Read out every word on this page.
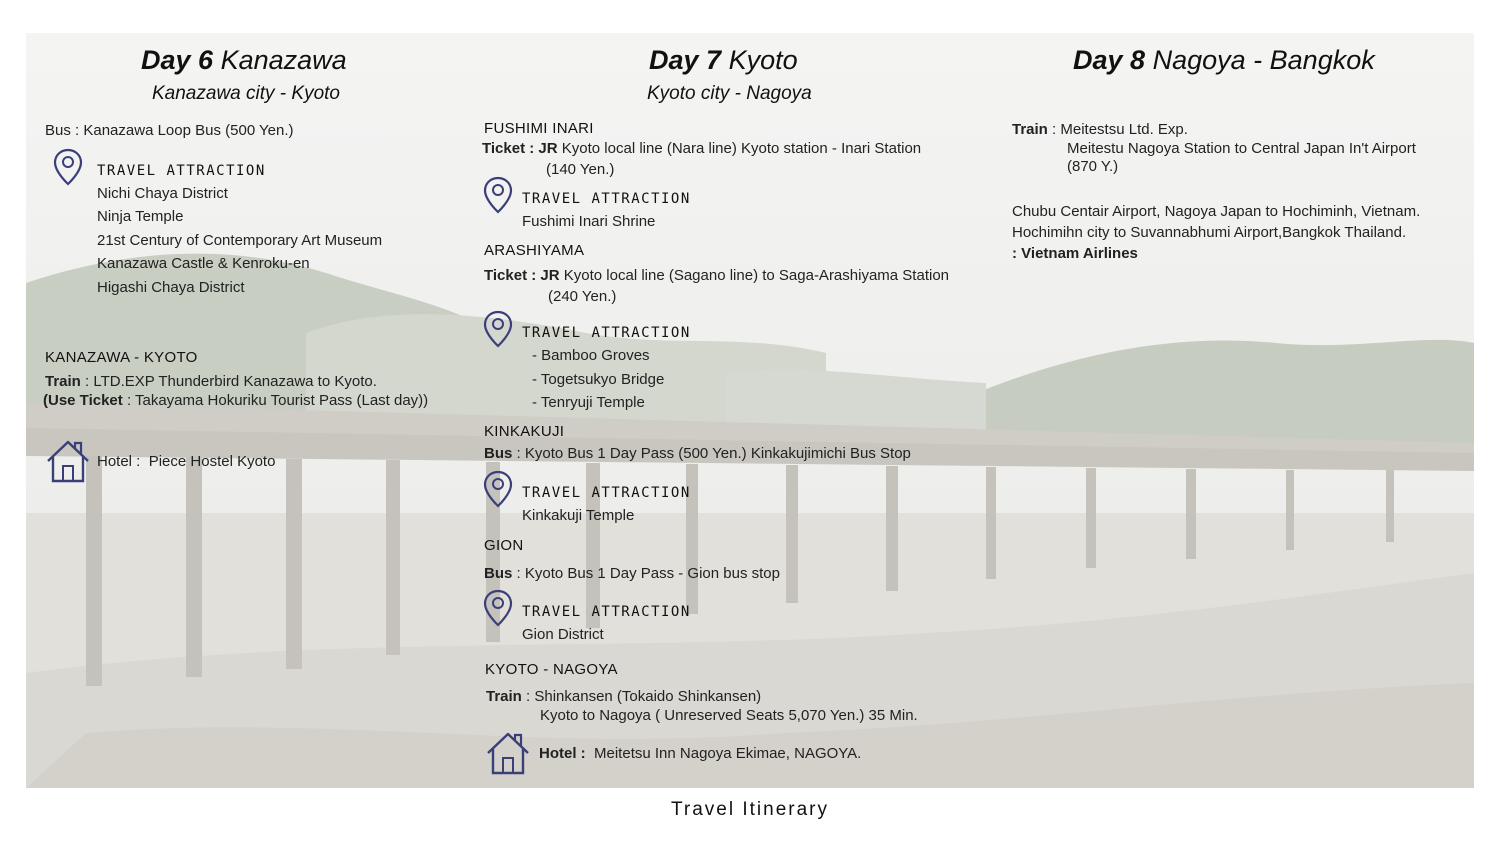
Day 6 Kanazawa
Kanazawa city - Kyoto
Bus : Kanazawa Loop Bus (500 Yen.)
TRAVEL ATTRACTION
Nichi Chaya District
Ninja Temple
21st Century of Contemporary Art Museum
Kanazawa Castle & Kenroku-en
Higashi Chaya District
KANAZAWA - KYOTO
Train : LTD.EXP Thunderbird Kanazawa to Kyoto.
(Use Ticket : Takayama Hokuriku Tourist Pass (Last day))
Hotel : Piece Hostel Kyoto
Day 7 Kyoto
Kyoto city - Nagoya
FUSHIMI INARI
Ticket : JR Kyoto local line (Nara line) Kyoto station - Inari Station
(140 Yen.)
TRAVEL ATTRACTION
Fushimi Inari Shrine
ARASHIYAMA
Ticket : JR Kyoto local line (Sagano line) to Saga-Arashiyama Station
(240 Yen.)
TRAVEL ATTRACTION
- Bamboo Groves
- Togetsukyo Bridge
- Tenryuji Temple
KINKAKUJI
Bus : Kyoto Bus 1 Day Pass (500 Yen.) Kinkakujimichi Bus Stop
TRAVEL ATTRACTION
Kinkakuji Temple
GION
Bus : Kyoto Bus 1 Day Pass - Gion bus stop
TRAVEL ATTRACTION
Gion District
KYOTO - NAGOYA
Train : Shinkansen (Tokaido Shinkansen)
Kyoto to Nagoya ( Unreserved Seats 5,070 Yen.) 35 Min.
Hotel : Meitetsu Inn Nagoya Ekimae, NAGOYA.
Day 8 Nagoya - Bangkok
Train : Meitestsu Ltd. Exp.
Meitestu Nagoya Station to Central Japan In't Airport
(870 Y.)
Chubu Centair Airport, Nagoya Japan to Hochiminh, Vietnam.
Hochimihn city to Suvannabhumi Airport,Bangkok Thailand.
: Vietnam Airlines
Travel Itinerary
